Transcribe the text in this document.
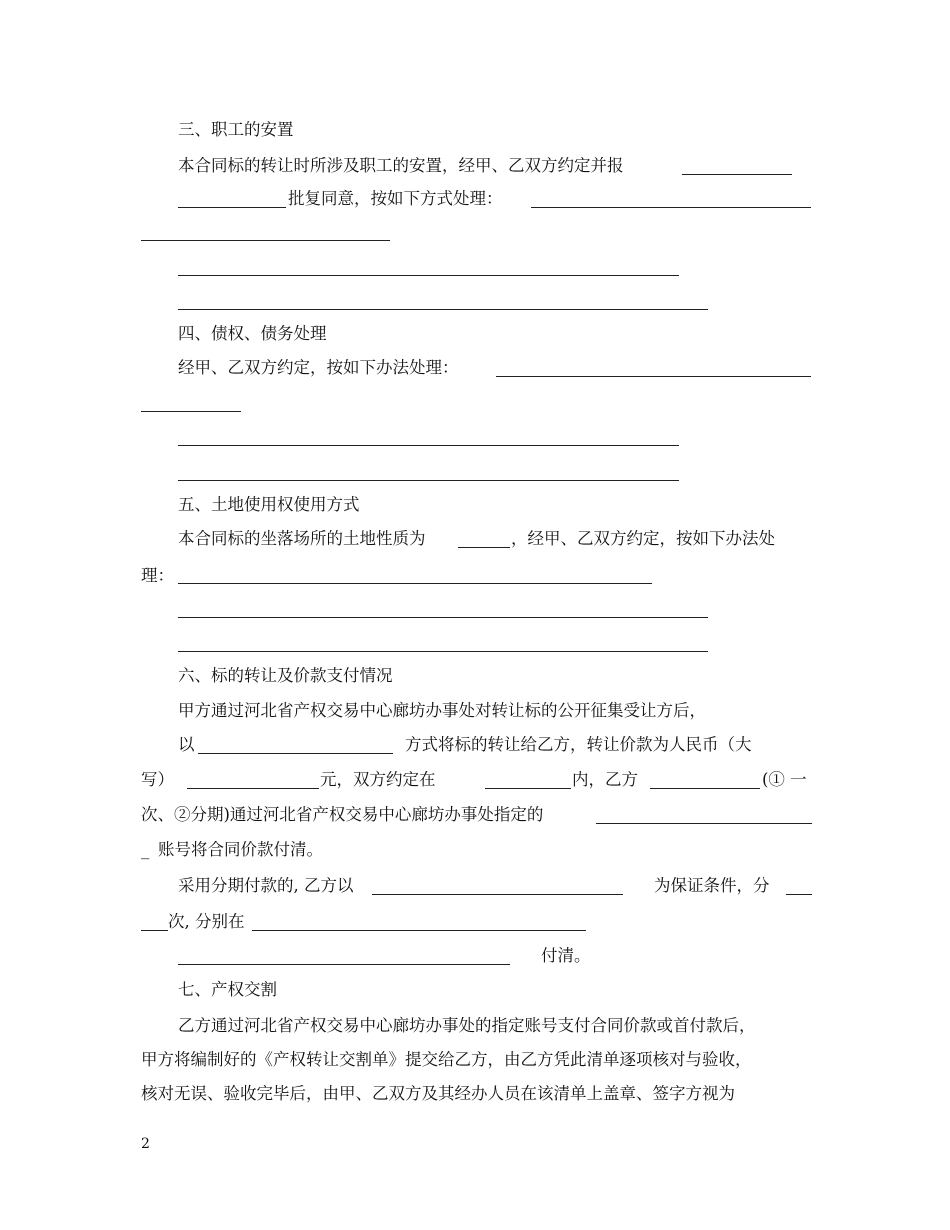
三、职工的安置
本合同标的转让时所涉及职工的安置，经甲、乙双方约定并报
批复同意，按如下方式处理：
四、债权、债务处理
经甲、乙双方约定，按如下办法处理：
五、土地使用权使用方式
本合同标的坐落场所的土地性质为	，经甲、乙双方约定，按如下办法处
理：
六、标的转让及价款支付情况
甲方通过河北省产权交易中心廊坊办事处对转让标的公开征集受让方后，
以	方式将标的转让给乙方，转让价款为人民币（大
写）	元，双方约定在	内，乙方	(① 一
次、②分期)通过河北省产权交易中心廊坊办事处指定的
_ 账号将合同价款付清。
采用分期付款的, 乙方以	为保证条件，分
次, 分别在
付清。
七、产权交割
乙方通过河北省产权交易中心廊坊办事处的指定账号支付合同价款或首付款后，
甲方将编制好的《产权转让交割单》提交给乙方，由乙方凭此清单逐项核对与验收，
核对无误、验收完毕后，由甲、乙双方及其经办人员在该清单上盖章、签字方视为
2
